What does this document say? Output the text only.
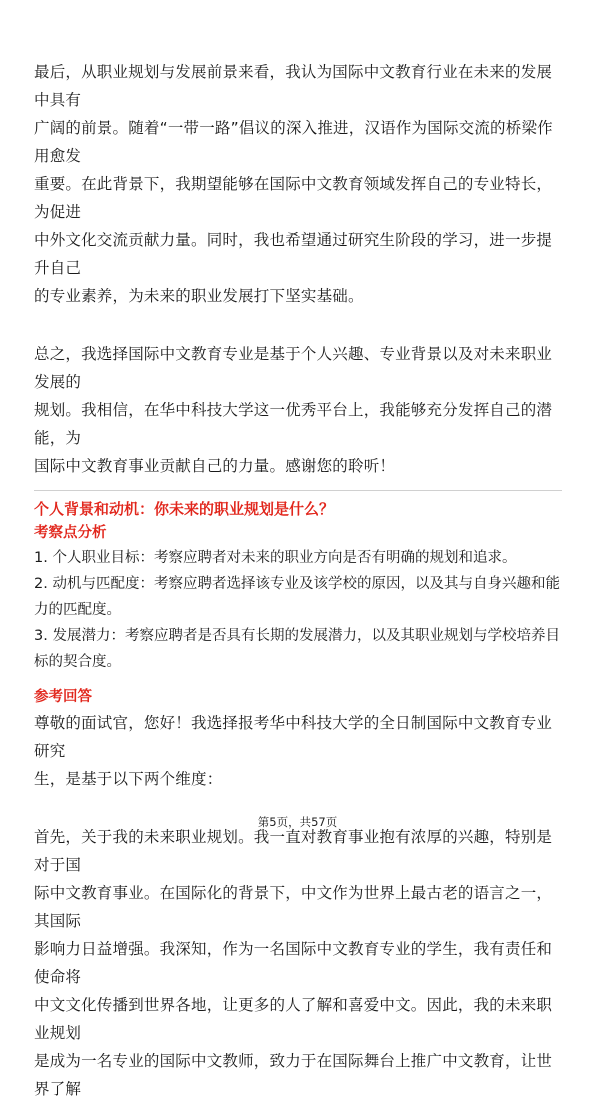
最后，从职业规划与发展前景来看，我认为国际中文教育行业在未来的发展中具有
广阔的前景。随着“一带一路”倡议的深入推进，汉语作为国际交流的桥梁作用愈发
重要。在此背景下，我期望能够在国际中文教育领域发挥自己的专业特长，为促进
中外文化交流贡献力量。同时，我也希望通过研究生阶段的学习，进一步提升自己
的专业素养，为未来的职业发展打下坚实基础。

总之，我选择国际中文教育专业是基于个人兴趣、专业背景以及对未来职业发展的
规划。我相信，在华中科技大学这一优秀平台上，我能够充分发挥自己的潜能，为
国际中文教育事业贡献自己的力量。感谢您的聆听！

个人背景和动机：你未来的职业规划是什么？

考察点分析

1. 个人职业目标：考察应聘者对未来的职业方向是否有明确的规划和追求。

2. 动机与匹配度：考察应聘者选择该专业及该学校的原因，以及其与自身兴趣和能
力的匹配度。

3. 发展潜力：考察应聘者是否具有长期的发展潜力，以及其职业规划与学校培养目
标的契合度。

参考回答

尊敬的面试官，您好！我选择报考华中科技大学的全日制国际中文教育专业研究
生，是基于以下两个维度：

首先，关于我的未来职业规划。我一直对教育事业抱有浓厚的兴趣，特别是对于国
际中文教育事业。在国际化的背景下，中文作为世界上最古老的语言之一，其国际
影响力日益增强。我深知，作为一名国际中文教育专业的学生，我有责任和使命将
中文文化传播到世界各地，让更多的人了解和喜爱中文。因此，我的未来职业规划
是成为一名专业的国际中文教师，致力于在国际舞台上推广中文教育，让世界了解

第5页，共57页
